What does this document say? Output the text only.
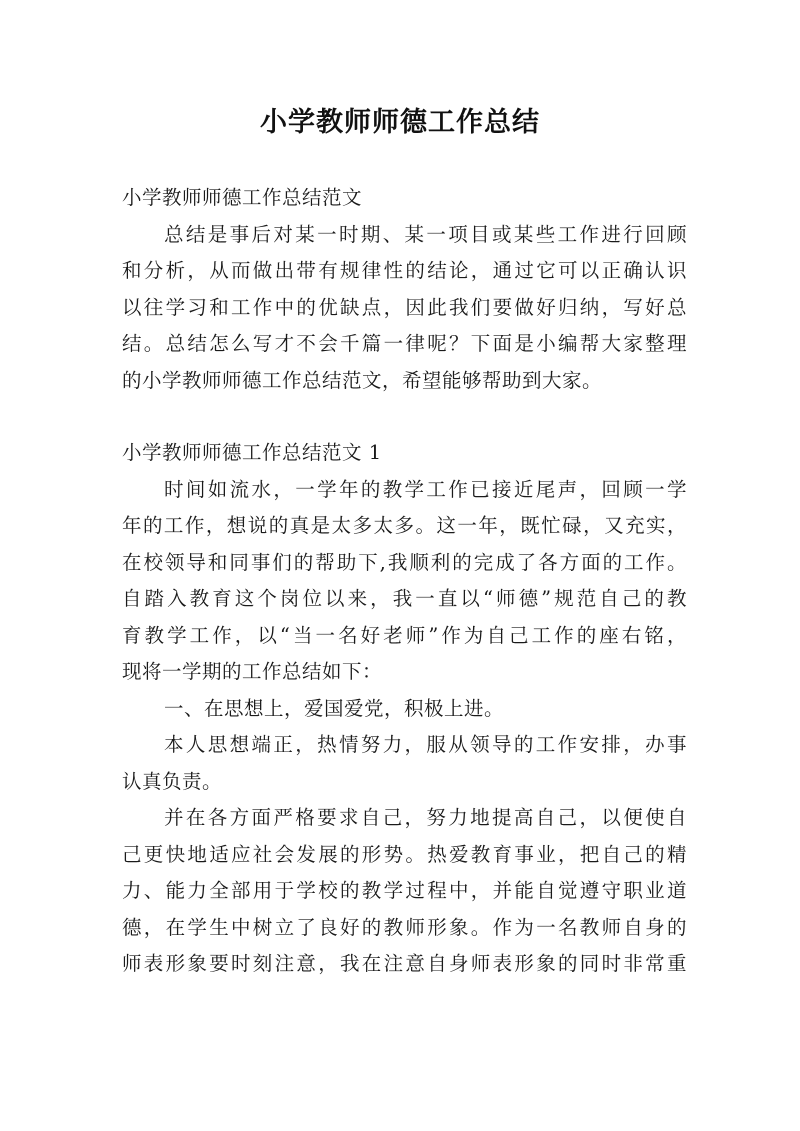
小学教师师德工作总结

小学教师师德工作总结范文

总结是事后对某一时期、某一项目或某些工作进行回顾

和分析，从而做出带有规律性的结论，通过它可以正确认识

以往学习和工作中的优缺点，因此我们要做好归纳，写好总

结。总结怎么写才不会千篇一律呢？下面是小编帮大家整理

的小学教师师德工作总结范文，希望能够帮助到大家。

小学教师师德工作总结范文 1

时间如流水，一学年的教学工作已接近尾声，回顾一学

年的工作，想说的真是太多太多。这一年，既忙碌，又充实，

在校领导和同事们的帮助下,我顺利的完成了各方面的工作。

自踏入教育这个岗位以来，我一直以“师德”规范自己的教

育教学工作，以“当一名好老师”作为自己工作的座右铭，

现将一学期的工作总结如下：

一、在思想上，爱国爱党，积极上进。

本人思想端正，热情努力，服从领导的工作安排，办事

认真负责。

并在各方面严格要求自己，努力地提高自己，以便使自

己更快地适应社会发展的形势。热爱教育事业，把自己的精

力、能力全部用于学校的教学过程中，并能自觉遵守职业道

德，在学生中树立了良好的教师形象。作为一名教师自身的

师表形象要时刻注意，我在注意自身师表形象的同时非常重
